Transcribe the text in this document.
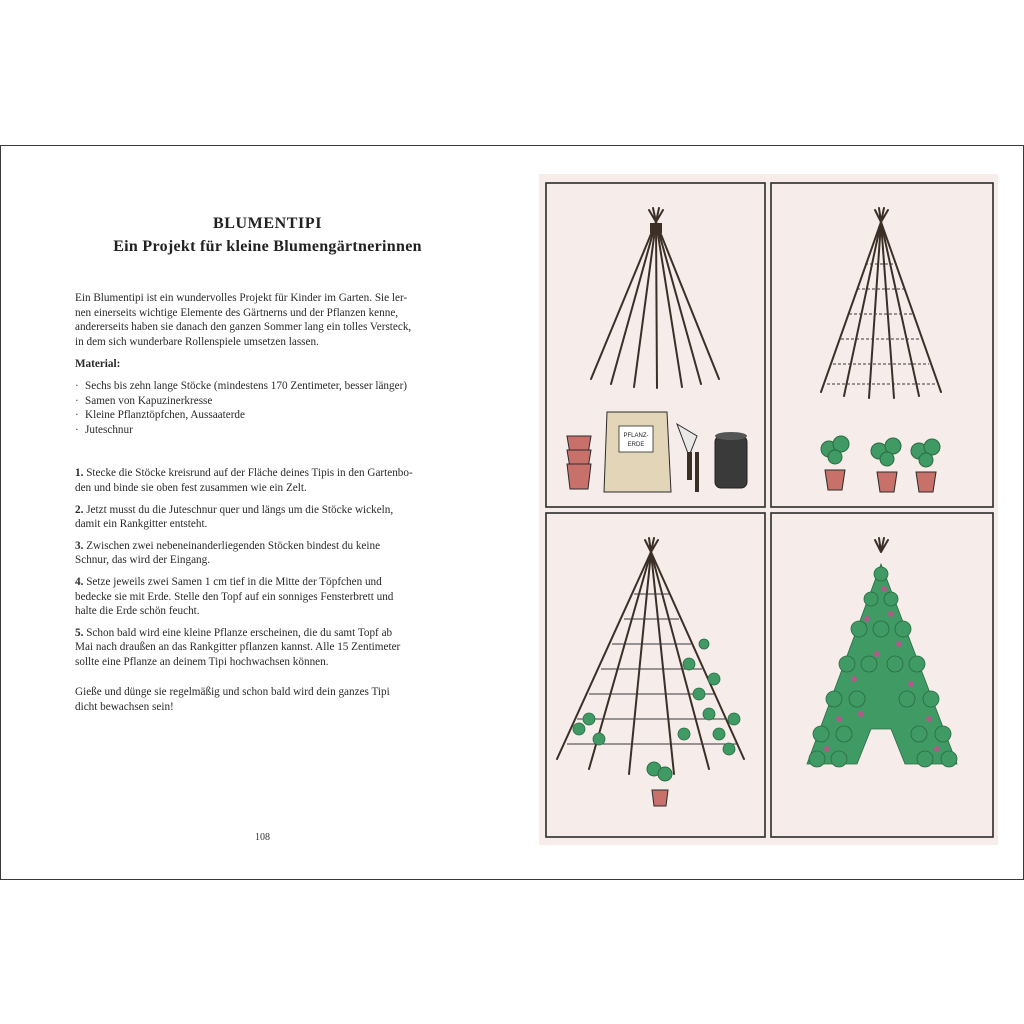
BLUMENTIPI
Ein Projekt für kleine Blumengärtnerinnen
Ein Blumentipi ist ein wundervolles Projekt für Kinder im Garten. Sie ler-
nen einerseits wichtige Elemente des Gärtnerns und der Pflanzen kenne,
andererseits haben sie danach den ganzen Sommer lang ein tolles Versteck,
in dem sich wunderbare Rollenspiele umsetzen lassen.
Material:
· Sechs bis zehn lange Stöcke (mindestens 170 Zentimeter, besser länger)
· Samen von Kapuzinerkresse
· Kleine Pflanztöpfchen, Aussaaterde
· Juteschnur
1. Stecke die Stöcke kreisrund auf der Fläche deines Tipis in den Gartenbo-
den und binde sie oben fest zusammen wie ein Zelt.
2. Jetzt musst du die Juteschnur quer und längs um die Stöcke wickeln,
damit ein Rankgitter entsteht.
3. Zwischen zwei nebeneinanderliegenden Stöcken bindest du keine
Schnur, das wird der Eingang.
4. Setze jeweils zwei Samen 1 cm tief in die Mitte der Töpfchen und
bedecke sie mit Erde. Stelle den Topf auf ein sonniges Fensterbrett und
halte die Erde schön feucht.
5. Schon bald wird eine kleine Pflanze erscheinen, die du samt Topf ab
Mai nach draußen an das Rankgitter pflanzen kannst. Alle 15 Zentimeter
sollte eine Pflanze an deinem Tipi hochwachsen können.
Gieße und dünge sie regelmäßig und schon bald wird dein ganzes Tipi
dicht bewachsen sein!
108
PFLANZ-
ERDE
